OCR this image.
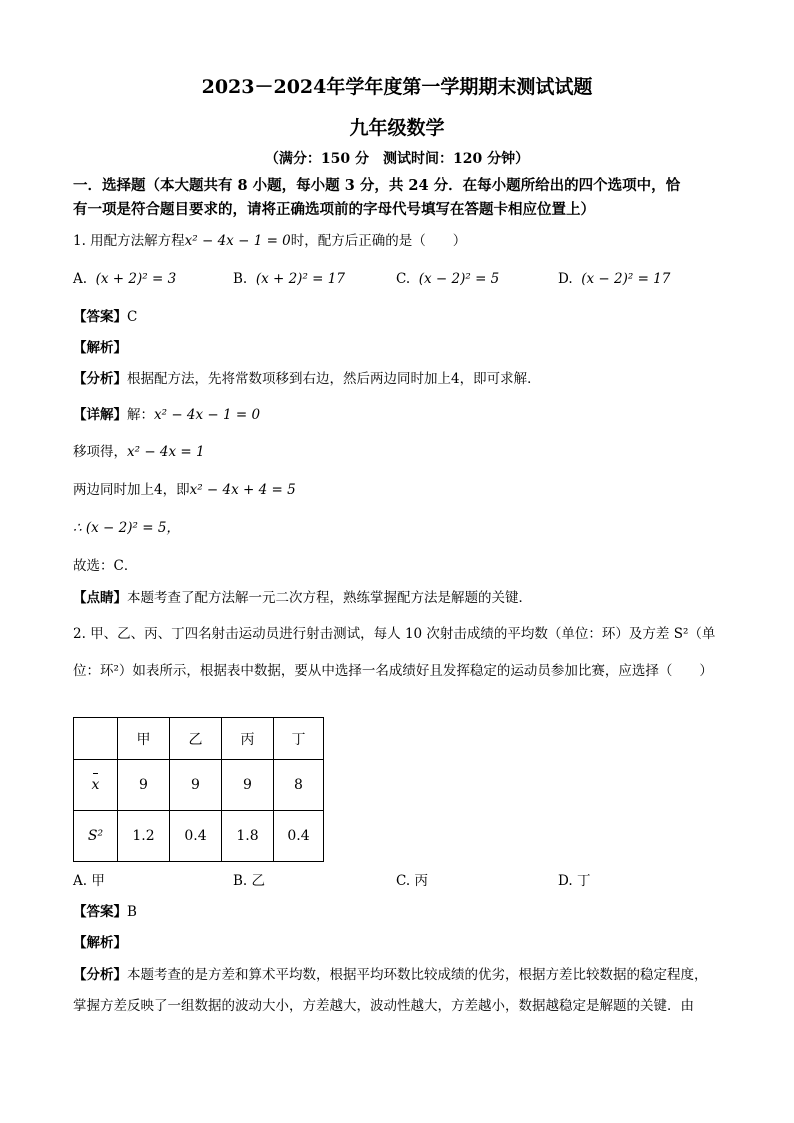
2023－2024年学年度第一学期期末测试试题
九年级数学
（满分：150 分　测试时间：120 分钟）
一．选择题（本大题共有 8 小题，每小题 3 分，共 24 分．在每小题所给出的四个选项中，恰
有一项是符合题目要求的，请将正确选项前的字母代号填写在答题卡相应位置上）
1. 用配方法解方程x² − 4x − 1 = 0时，配方后正确的是（　　）
A. (x + 2)² = 3	B. (x + 2)² = 17	C. (x − 2)² = 5	D. (x − 2)² = 17
【答案】C
【解析】
【分析】根据配方法，先将常数项移到右边，然后两边同时加上4，即可求解．
【详解】解：x² − 4x − 1 = 0
移项得，x² − 4x = 1
两边同时加上4，即x² − 4x + 4 = 5
∴ (x − 2)² = 5，
故选：C．
【点睛】本题考查了配方法解一元二次方程，熟练掌握配方法是解题的关键．
2. 甲、乙、丙、丁四名射击运动员进行射击测试，每人 10 次射击成绩的平均数（单位：环）及方差 S²（单
位：环²）如表所示，根据表中数据，要从中选择一名成绩好且发挥稳定的运动员参加比赛，应选择（　　）
	甲	乙	丙	丁
x	9	9	9	8
S²	1.2	0.4	1.8	0.4
A. 甲	B. 乙	C. 丙	D. 丁
【答案】B
【解析】
【分析】本题考查的是方差和算术平均数，根据平均环数比较成绩的优劣，根据方差比较数据的稳定程度，
掌握方差反映了一组数据的波动大小，方差越大，波动性越大，方差越小，数据越稳定是解题的关键．由
